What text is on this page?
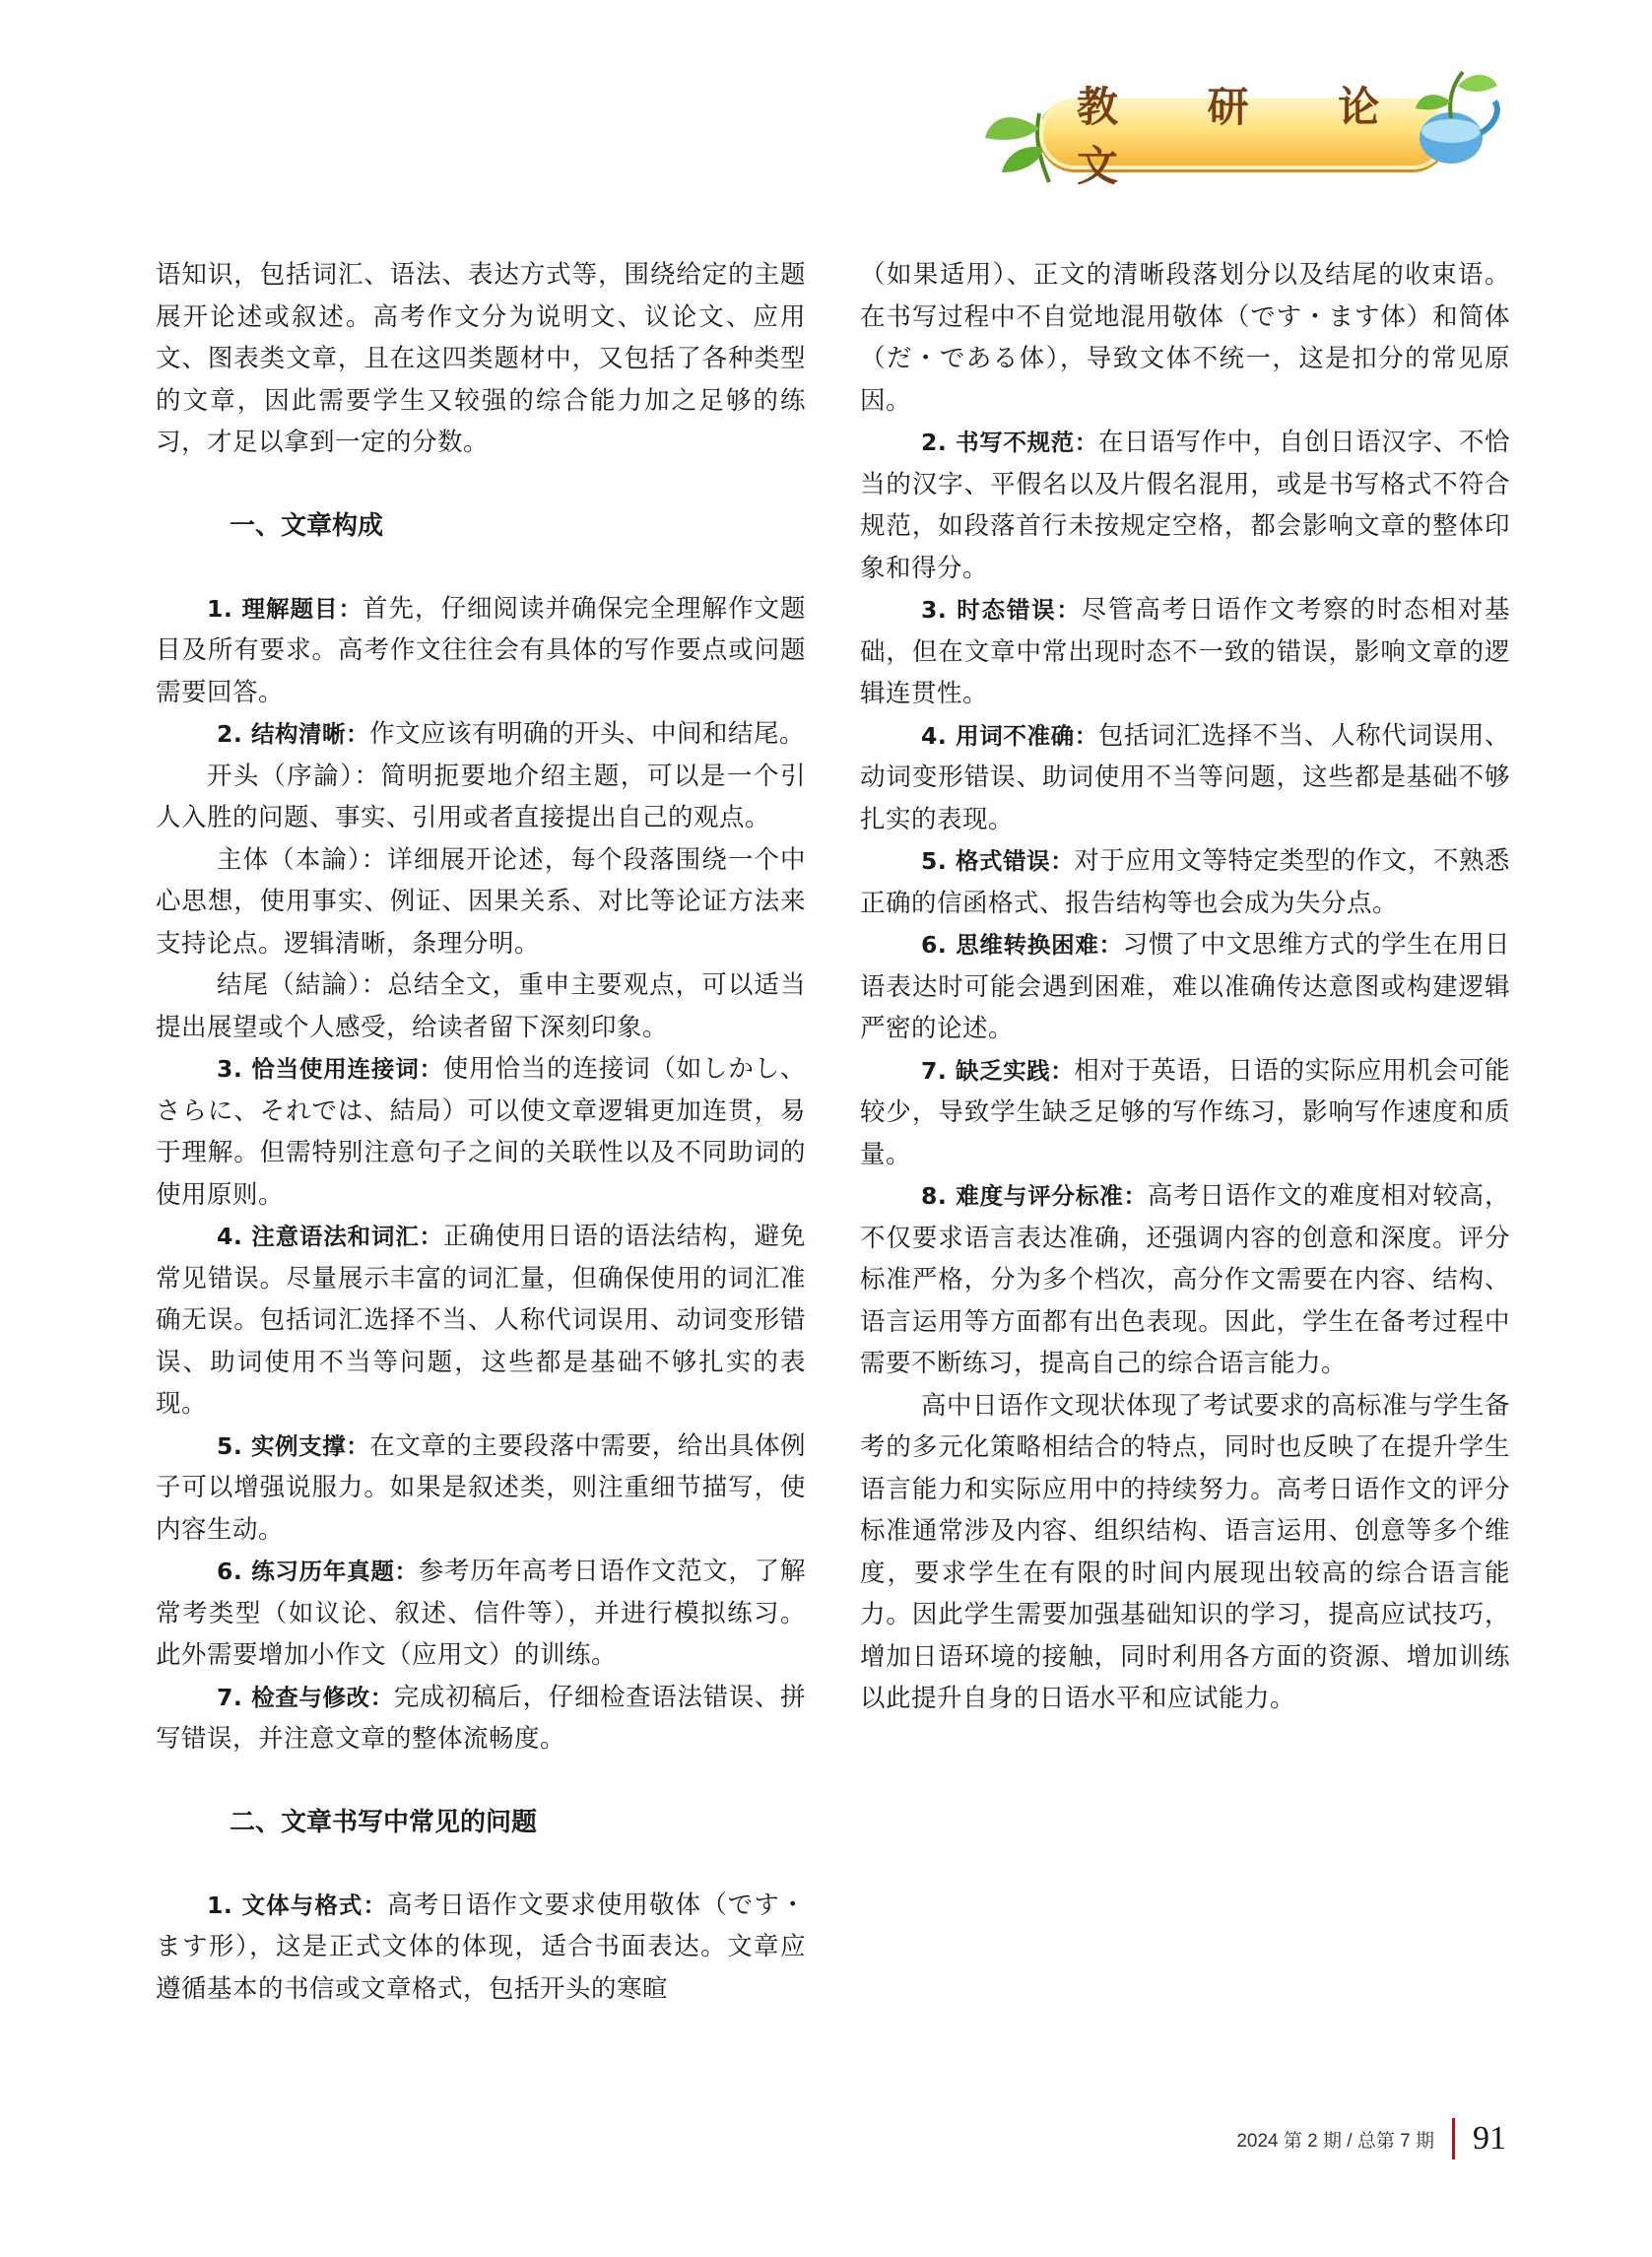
教 研 论 文

语知识，包括词汇、语法、表达方式等，围绕给定的主题展开论述或叙述。高考作文分为说明文、议论文、应用文、图表类文章，且在这四类题材中，又包括了各种类型的文章，因此需要学生又较强的综合能力加之足够的练习，才足以拿到一定的分数。

一、文章构成

1. 理解题目：首先，仔细阅读并确保完全理解作文题目及所有要求。高考作文往往会有具体的写作要点或问题需要回答。

2. 结构清晰：作文应该有明确的开头、中间和结尾。

开头（序論）：简明扼要地介绍主题，可以是一个引人入胜的问题、事实、引用或者直接提出自己的观点。

主体（本論）：详细展开论述，每个段落围绕一个中心思想，使用事实、例证、因果关系、对比等论证方法来支持论点。逻辑清晰，条理分明。

结尾（結論）：总结全文，重申主要观点，可以适当提出展望或个人感受，给读者留下深刻印象。

3. 恰当使用连接词：使用恰当的连接词（如しかし、さらに、それでは、結局）可以使文章逻辑更加连贯，易于理解。但需特别注意句子之间的关联性以及不同助词的使用原则。

4. 注意语法和词汇：正确使用日语的语法结构，避免常见错误。尽量展示丰富的词汇量，但确保使用的词汇准确无误。包括词汇选择不当、人称代词误用、动词变形错误、助词使用不当等问题，这些都是基础不够扎实的表现。

5. 实例支撑：在文章的主要段落中需要，给出具体例子可以增强说服力。如果是叙述类，则注重细节描写，使内容生动。

6. 练习历年真题：参考历年高考日语作文范文，了解常考类型（如议论、叙述、信件等），并进行模拟练习。此外需要增加小作文（应用文）的训练。

7. 检查与修改：完成初稿后，仔细检查语法错误、拼写错误，并注意文章的整体流畅度。

二、文章书写中常见的问题

1. 文体与格式：高考日语作文要求使用敬体（です・ます形），这是正式文体的体现，适合书面表达。文章应遵循基本的书信或文章格式，包括开头的寒暄

（如果适用）、正文的清晰段落划分以及结尾的收束语。在书写过程中不自觉地混用敬体（です・ます体）和简体（だ・である体），导致文体不统一，这是扣分的常见原因。

2. 书写不规范：在日语写作中，自创日语汉字、不恰当的汉字、平假名以及片假名混用，或是书写格式不符合规范，如段落首行未按规定空格，都会影响文章的整体印象和得分。

3. 时态错误：尽管高考日语作文考察的时态相对基础，但在文章中常出现时态不一致的错误，影响文章的逻辑连贯性。

4. 用词不准确：包括词汇选择不当、人称代词误用、动词变形错误、助词使用不当等问题，这些都是基础不够扎实的表现。

5. 格式错误：对于应用文等特定类型的作文，不熟悉正确的信函格式、报告结构等也会成为失分点。

6. 思维转换困难：习惯了中文思维方式的学生在用日语表达时可能会遇到困难，难以准确传达意图或构建逻辑严密的论述。

7. 缺乏实践：相对于英语，日语的实际应用机会可能较少，导致学生缺乏足够的写作练习，影响写作速度和质量。

8. 难度与评分标准：高考日语作文的难度相对较高，不仅要求语言表达准确，还强调内容的创意和深度。评分标准严格，分为多个档次，高分作文需要在内容、结构、语言运用等方面都有出色表现。因此，学生在备考过程中需要不断练习，提高自己的综合语言能力。

高中日语作文现状体现了考试要求的高标准与学生备考的多元化策略相结合的特点，同时也反映了在提升学生语言能力和实际应用中的持续努力。高考日语作文的评分标准通常涉及内容、组织结构、语言运用、创意等多个维度，要求学生在有限的时间内展现出较高的综合语言能力。因此学生需要加强基础知识的学习，提高应试技巧，增加日语环境的接触，同时利用各方面的资源、增加训练以此提升自身的日语水平和应试能力。

2024 第 2 期 / 总第 7 期 91
